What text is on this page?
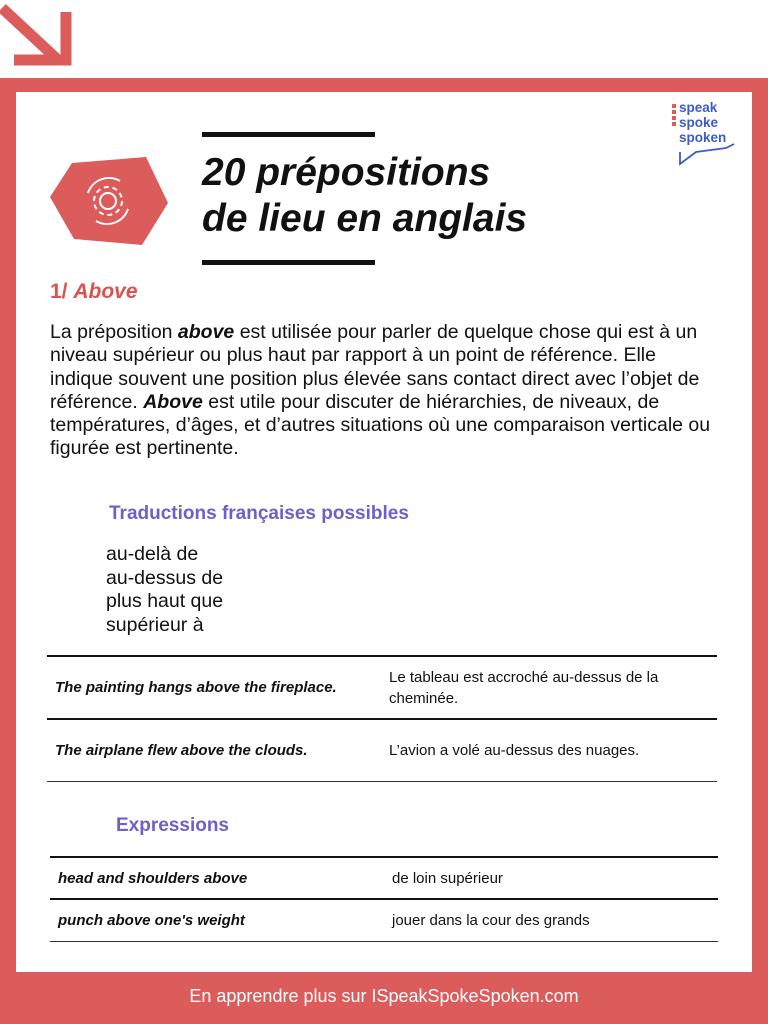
20 prépositions
de lieu en anglais
speak
spoke
spoken
1/ Above

La préposition above est utilisée pour parler de quelque chose qui est à un niveau supérieur ou plus haut par rapport à un point de référence. Elle indique souvent une position plus élevée sans contact direct avec l’objet de référence. Above est utile pour discuter de hiérarchies, de niveaux, de températures, d’âges, et d’autres situations où une comparaison verticale ou figurée est pertinente.

Traductions françaises possibles
au-delà de
au-dessus de
plus haut que
supérieur à
The painting hangs above the fireplace.	Le tableau est accroché au-dessus de la cheminée.
The airplane flew above the clouds.	L’avion a volé au-dessus des nuages.
Expressions
head and shoulders above	de loin supérieur
punch above one's weight	jouer dans la cour des grands
En apprendre plus sur ISpeakSpokeSpoken.com
